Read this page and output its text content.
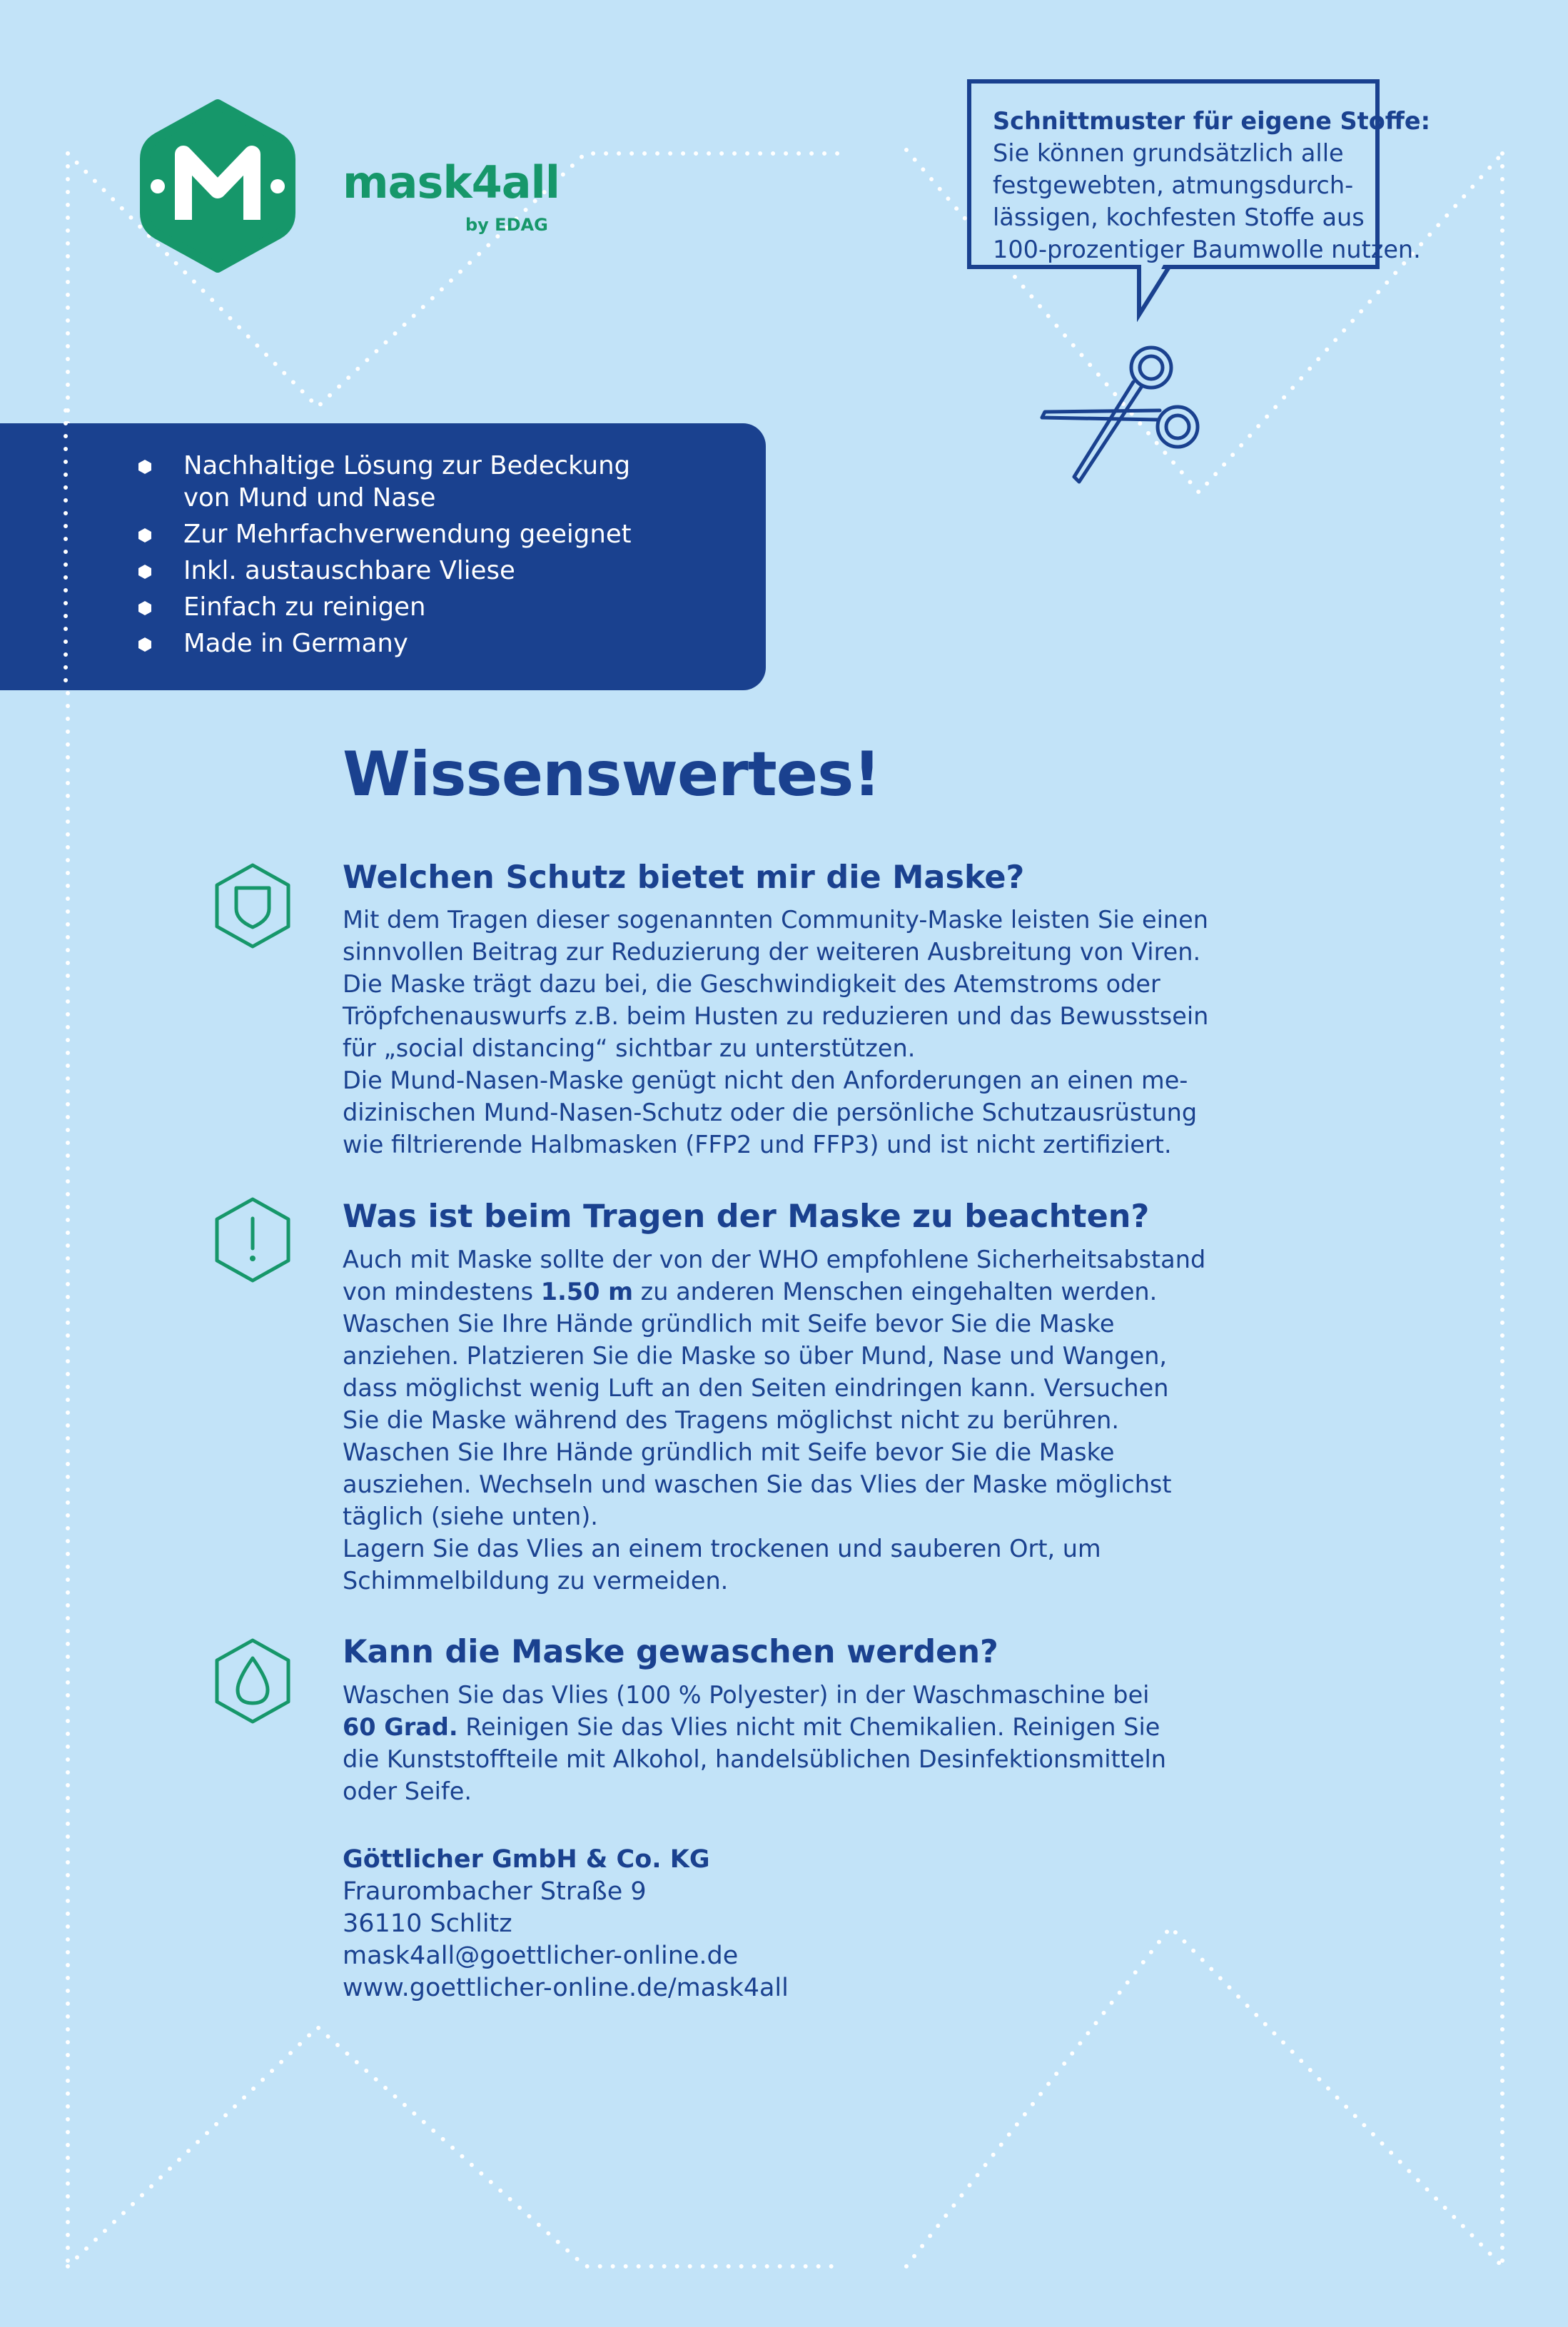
mask4all
by EDAG
Schnittmuster für eigene Stoffe:
Sie können grundsätzlich alle
festgewebten, atmungsdurch-
lässigen, kochfesten Stoffe aus
100-prozentiger Baumwolle nutzen.
Nachhaltige Lösung zur Bedeckung
von Mund und Nase
Zur Mehrfachverwendung geeignet
Inkl. austauschbare Vliese
Einfach zu reinigen
Made in Germany
Wissenswertes!
Welchen Schutz bietet mir die Maske?
Mit dem Tragen dieser sogenannten Community-Maske leisten Sie einen
sinnvollen Beitrag zur Reduzierung der weiteren Ausbreitung von Viren.
Die Maske trägt dazu bei, die Geschwindigkeit des Atemstroms oder
Tröpfchenauswurfs z.B. beim Husten zu reduzieren und das Bewusstsein
für „social distancing“ sichtbar zu unterstützen.
Die Mund-Nasen-Maske genügt nicht den Anforderungen an einen me-
dizinischen Mund-Nasen-Schutz oder die persönliche Schutzausrüstung
wie filtrierende Halbmasken (FFP2 und FFP3) und ist nicht zertifiziert.
Was ist beim Tragen der Maske zu beachten?
Auch mit Maske sollte der von der WHO empfohlene Sicherheitsabstand
von mindestens 1.50 m zu anderen Menschen eingehalten werden.
Waschen Sie Ihre Hände gründlich mit Seife bevor Sie die Maske
anziehen. Platzieren Sie die Maske so über Mund, Nase und Wangen,
dass möglichst wenig Luft an den Seiten eindringen kann. Versuchen
Sie die Maske während des Tragens möglichst nicht zu berühren.
Waschen Sie Ihre Hände gründlich mit Seife bevor Sie die Maske
ausziehen. Wechseln und waschen Sie das Vlies der Maske möglichst
täglich (siehe unten).
Lagern Sie das Vlies an einem trockenen und sauberen Ort, um
Schimmelbildung zu vermeiden.
Kann die Maske gewaschen werden?
Waschen Sie das Vlies (100 % Polyester) in der Waschmaschine bei
60 Grad. Reinigen Sie das Vlies nicht mit Chemikalien. Reinigen Sie
die Kunststoffteile mit Alkohol, handelsüblichen Desinfektionsmitteln
oder Seife.
Göttlicher GmbH & Co. KG
Fraurombacher Straße 9
36110 Schlitz
mask4all@goettlicher-online.de
www.goettlicher-online.de/mask4all
